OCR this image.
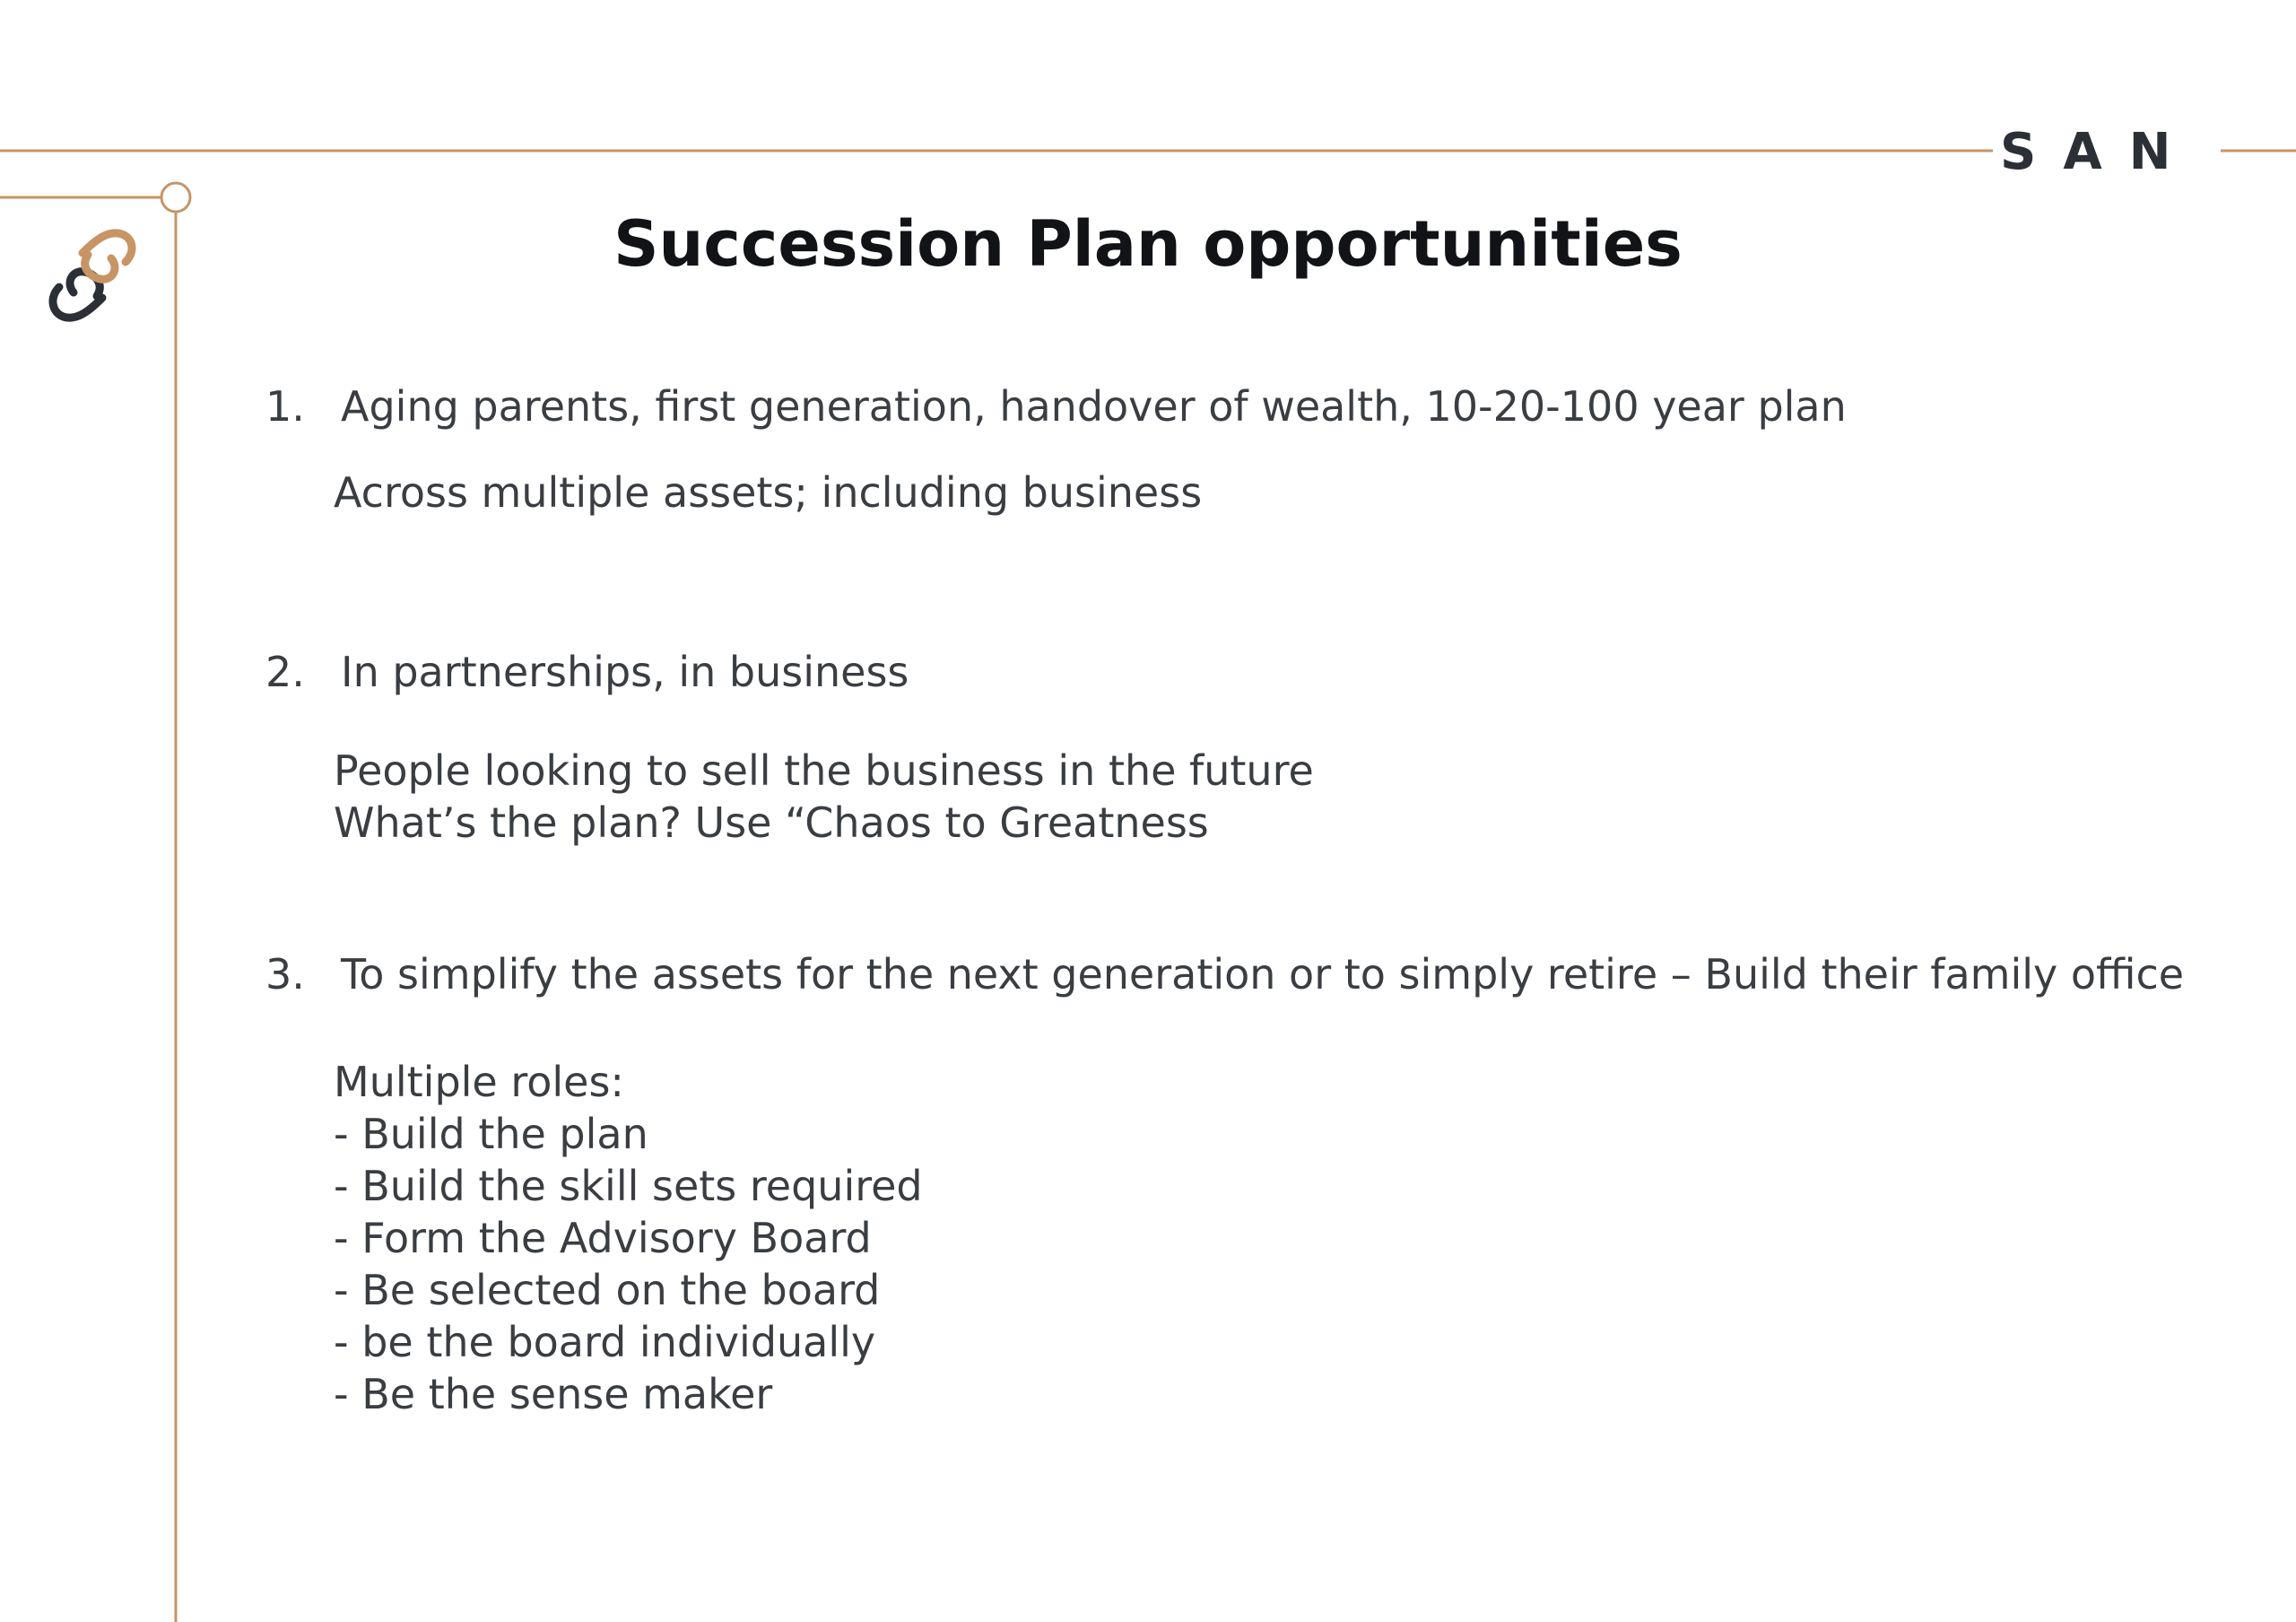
SAN
Succession Plan opportunities
1. Aging parents, first generation, handover of wealth, 10-20-100 year plan
Across multiple assets; including business
2. In partnerships, in business
People looking to sell the business in the future
What’s the plan? Use “Chaos to Greatness
3. To simplify the assets for the next generation or to simply retire – Build their family office
Multiple roles:
- Build the plan
- Build the skill sets required
- Form the Advisory Board
- Be selected on the board
- be the board individually
- Be the sense maker
